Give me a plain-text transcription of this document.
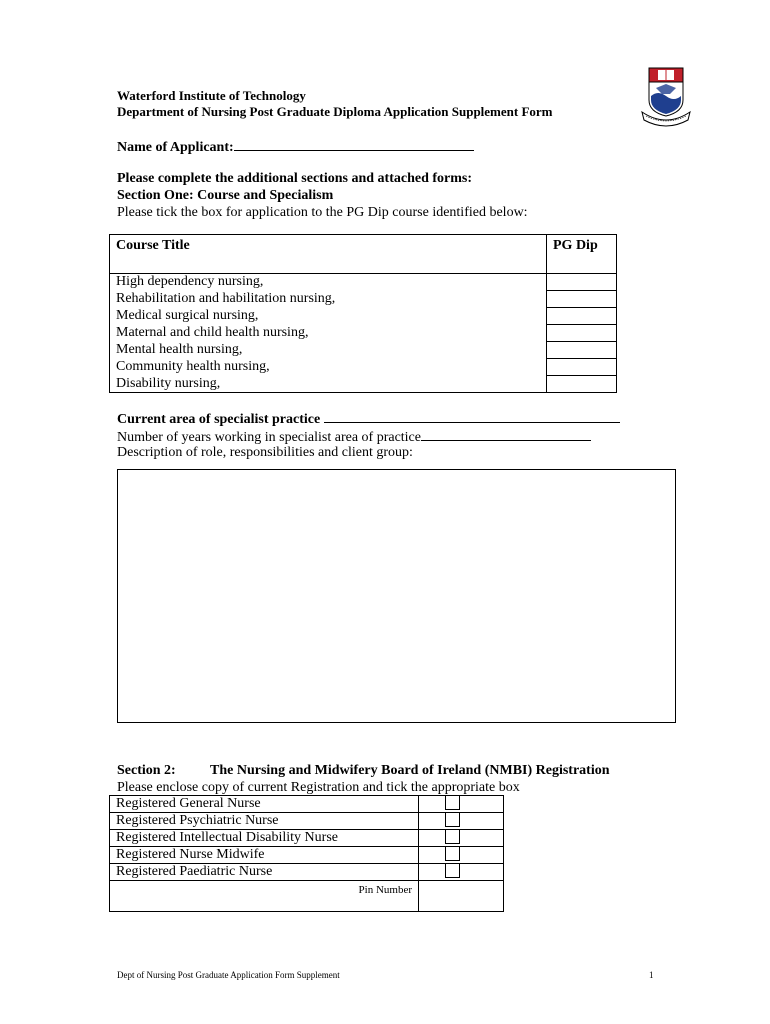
Waterford Institute of Technology
Department of Nursing Post Graduate Diploma Application Supplement Form
Name of Applicant:
Please complete the additional sections and attached forms:
Section One: Course and Specialism
Please tick the box for application to the PG Dip course identified below:
Course Title	PG Dip
High dependency nursing,	
Rehabilitation and habilitation nursing,	
Medical surgical nursing,	
Maternal and child health nursing,	
Mental health nursing,	
Community health nursing,	
Disability nursing,	
Current area of specialist practice
Number of years working in specialist area of practice
Description of role, responsibilities and client group:
Section 2: The Nursing and Midwifery Board of Ireland (NMBI) Registration
Please enclose copy of current Registration and tick the appropriate box
Registered General Nurse	
Registered Psychiatric Nurse	
Registered Intellectual Disability Nurse	
Registered Nurse Midwife	
Registered Paediatric Nurse	
Pin Number	
Dept of Nursing Post Graduate Application Form Supplement	1
